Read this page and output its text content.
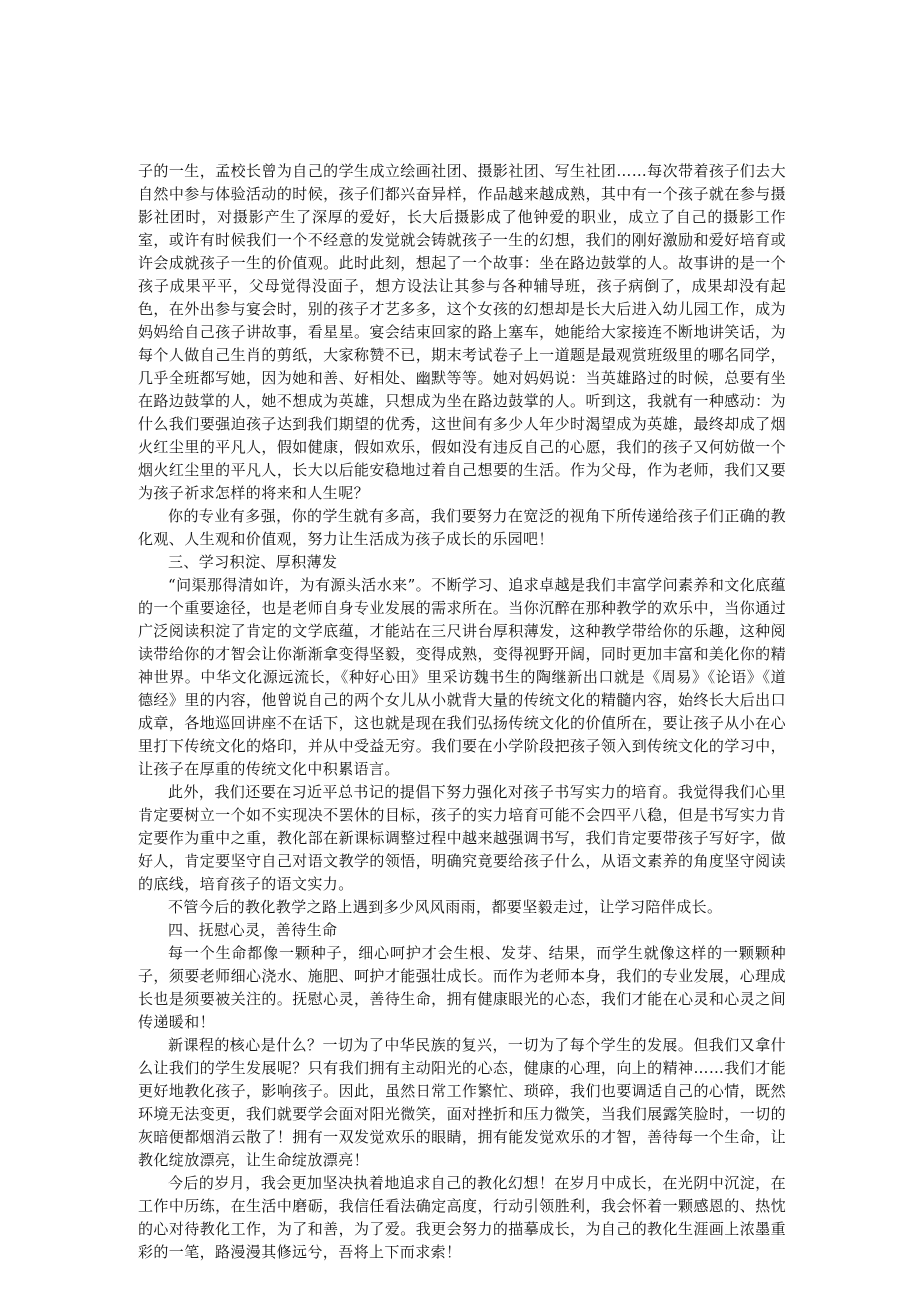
子的一生，孟校长曾为自己的学生成立绘画社团、摄影社团、写生社团……每次带着孩子们去大自然中参与体验活动的时候，孩子们都兴奋异样，作品越来越成熟，其中有一个孩子就在参与摄影社团时，对摄影产生了深厚的爱好，长大后摄影成了他钟爱的职业，成立了自己的摄影工作室，或许有时候我们一个不经意的发觉就会铸就孩子一生的幻想，我们的刚好激励和爱好培育或许会成就孩子一生的价值观。此时此刻，想起了一个故事：坐在路边鼓掌的人。故事讲的是一个孩子成果平平，父母觉得没面子，想方设法让其参与各种辅导班，孩子病倒了，成果却没有起色，在外出参与宴会时，别的孩子才艺多多，这个女孩的幻想却是长大后进入幼儿园工作，成为妈妈给自己孩子讲故事，看星星。宴会结束回家的路上塞车，她能给大家接连不断地讲笑话，为每个人做自己生肖的剪纸，大家称赞不已，期末考试卷子上一道题是最观赏班级里的哪名同学，几乎全班都写她，因为她和善、好相处、幽默等等。她对妈妈说：当英雄路过的时候，总要有坐在路边鼓掌的人，她不想成为英雄，只想成为坐在路边鼓掌的人。听到这，我就有一种感动：为什么我们要强迫孩子达到我们期望的优秀，这世间有多少人年少时渴望成为英雄，最终却成了烟火红尘里的平凡人，假如健康，假如欢乐，假如没有违反自己的心愿，我们的孩子又何妨做一个烟火红尘里的平凡人，长大以后能安稳地过着自己想要的生活。作为父母，作为老师，我们又要为孩子祈求怎样的将来和人生呢？

你的专业有多强，你的学生就有多高，我们要努力在宽泛的视角下所传递给孩子们正确的教化观、人生观和价值观，努力让生活成为孩子成长的乐园吧！

三、学习积淀、厚积薄发

“问渠那得清如许，为有源头活水来”。不断学习、追求卓越是我们丰富学问素养和文化底蕴的一个重要途径，也是老师自身专业发展的需求所在。当你沉醉在那种教学的欢乐中，当你通过广泛阅读积淀了肯定的文学底蕴，才能站在三尺讲台厚积薄发，这种教学带给你的乐趣，这种阅读带给你的才智会让你渐渐拿变得坚毅，变得成熟，变得视野开阔，同时更加丰富和美化你的精神世界。中华文化源远流长，《种好心田》里采访魏书生的陶继新出口就是《周易》《论语》《道德经》里的内容，他曾说自己的两个女儿从小就背大量的传统文化的精髓内容，始终长大后出口成章，各地巡回讲座不在话下，这也就是现在我们弘扬传统文化的价值所在，要让孩子从小在心里打下传统文化的烙印，并从中受益无穷。我们要在小学阶段把孩子领入到传统文化的学习中，让孩子在厚重的传统文化中积累语言。

此外，我们还要在习近平总书记的提倡下努力强化对孩子书写实力的培育。我觉得我们心里肯定要树立一个如不实现决不罢休的目标，孩子的实力培育可能不会四平八稳，但是书写实力肯定要作为重中之重，教化部在新课标调整过程中越来越强调书写，我们肯定要带孩子写好字，做好人，肯定要坚守自己对语文教学的领悟，明确究竟要给孩子什么，从语文素养的角度坚守阅读的底线，培育孩子的语文实力。

不管今后的教化教学之路上遇到多少风风雨雨，都要坚毅走过，让学习陪伴成长。

四、抚慰心灵，善待生命

每一个生命都像一颗种子，细心呵护才会生根、发芽、结果，而学生就像这样的一颗颗种子，须要老师细心浇水、施肥、呵护才能强壮成长。而作为老师本身，我们的专业发展，心理成长也是须要被关注的。抚慰心灵，善待生命，拥有健康眼光的心态，我们才能在心灵和心灵之间传递暖和！

新课程的核心是什么？一切为了中华民族的复兴，一切为了每个学生的发展。但我们又拿什么让我们的学生发展呢？只有我们拥有主动阳光的心态，健康的心理，向上的精神……我们才能更好地教化孩子，影响孩子。因此，虽然日常工作繁忙、琐碎，我们也要调适自己的心情，既然环境无法变更，我们就要学会面对阳光微笑，面对挫折和压力微笑，当我们展露笑脸时，一切的灰暗便都烟消云散了！拥有一双发觉欢乐的眼睛，拥有能发觉欢乐的才智，善待每一个生命，让教化绽放漂亮，让生命绽放漂亮！

今后的岁月，我会更加坚决执着地追求自己的教化幻想！在岁月中成长，在光阴中沉淀，在工作中历练，在生活中磨砺，我信任看法确定高度，行动引领胜利，我会怀着一颗感恩的、热忱的心对待教化工作，为了和善，为了爱。我更会努力的描摹成长，为自己的教化生涯画上浓墨重彩的一笔，路漫漫其修远兮，吾将上下而求索！
